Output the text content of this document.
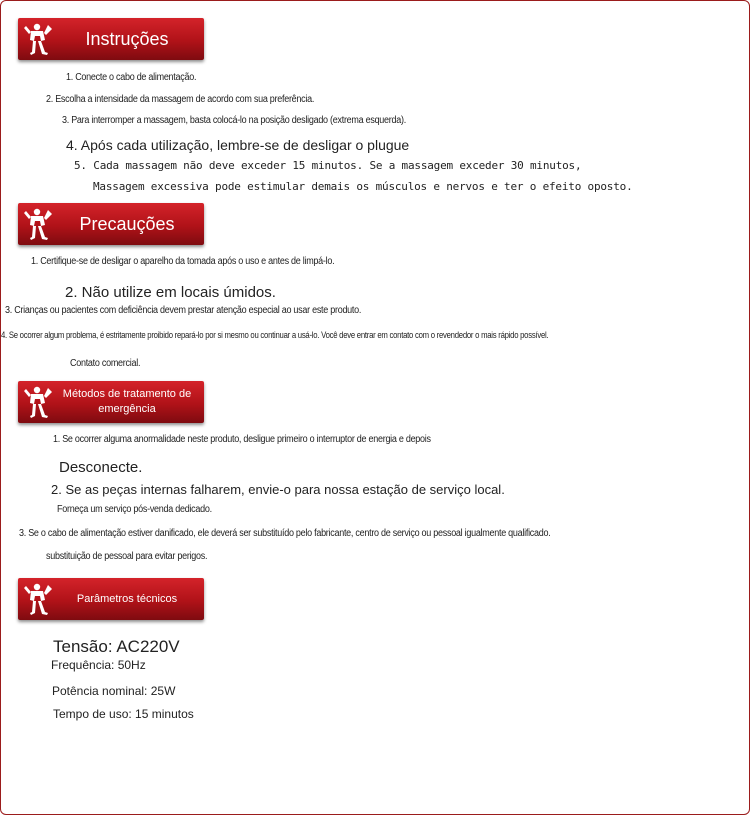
Instruções
1. Conecte o cabo de alimentação.
2. Escolha a intensidade da massagem de acordo com sua preferência.
3. Para interromper a massagem, basta colocá-lo na posição desligado (extrema esquerda).
4. Após cada utilização, lembre-se de desligar o plugue
5. Cada massagem não deve exceder 15 minutos. Se a massagem exceder 30 minutos,
Massagem excessiva pode estimular demais os músculos e nervos e ter o efeito oposto.
Precauções
1. Certifique-se de desligar o aparelho da tomada após o uso e antes de limpá-lo.
2. Não utilize em locais úmidos.
3. Crianças ou pacientes com deficiência devem prestar atenção especial ao usar este produto.
4. Se ocorrer algum problema, é estritamente proibido repará-lo por si mesmo ou continuar a usá-lo. Você deve entrar em contato com o revendedor o mais rápido possível.
Contato comercial.
Métodos de tratamento de
emergência
1. Se ocorrer alguma anormalidade neste produto, desligue primeiro o interruptor de energia e depois
Desconecte.
2. Se as peças internas falharem, envie-o para nossa estação de serviço local.
Forneça um serviço pós-venda dedicado.
3. Se o cabo de alimentação estiver danificado, ele deverá ser substituído pelo fabricante, centro de serviço ou pessoal igualmente qualificado.
substituição de pessoal para evitar perigos.
Parâmetros técnicos
Tensão: AC220V
Frequência: 50Hz
Potência nominal: 25W
Tempo de uso: 15 minutos
